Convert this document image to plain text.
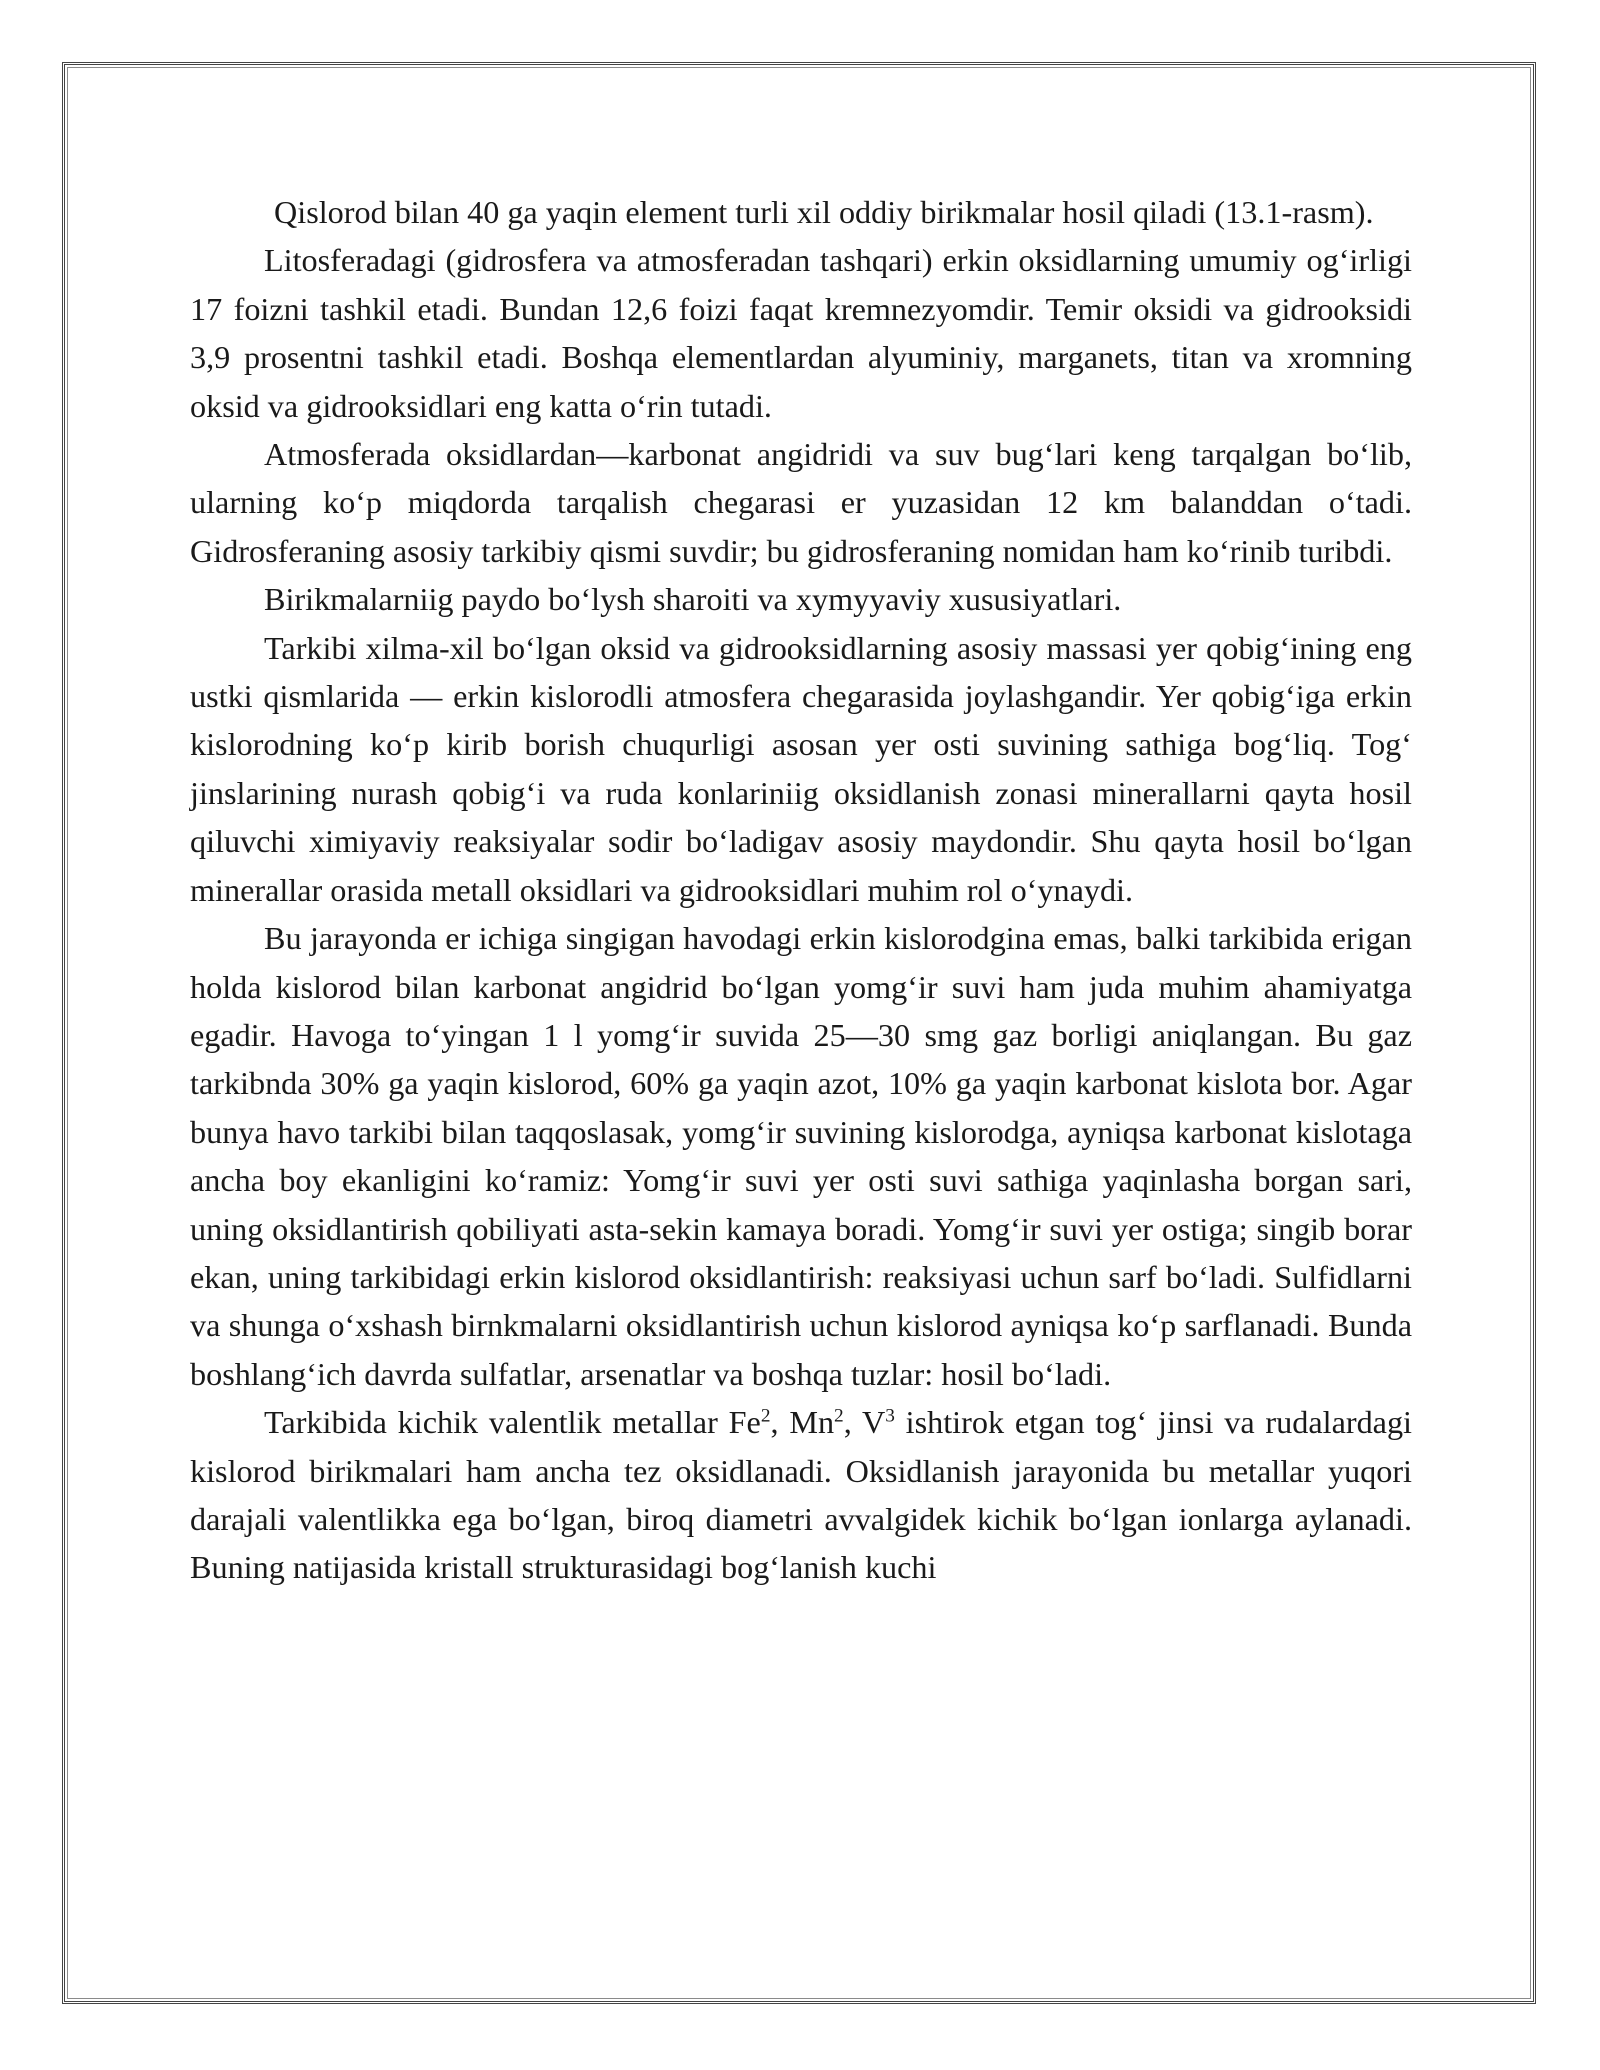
Qislorod bilan 40 ga yaqin element turli xil oddiy birikmalar hosil qiladi (13.1-rasm).

Litosferadagi (gidrosfera va atmosferadan tashqari) erkin oksidlarning umumiy og‘irligi 17 foizni tashkil etadi. Bundan 12,6 foizi faqat kremnezyomdir. Temir oksidi va gidrooksidi 3,9 prosentni tashkil etadi. Boshqa elementlardan alyuminiy, marganets, titan va xromning oksid va gidrooksidlari eng katta o‘rin tutadi.

Atmosferada oksidlardan—karbonat angidridi va suv bug‘lari keng tarqalgan bo‘lib, ularning ko‘p miqdorda tarqalish chegarasi er yuzasidan 12 km balanddan o‘tadi. Gidrosferaning asosiy tarkibiy qismi suvdir; bu gidrosferaning nomidan ham ko‘rinib turibdi.

Birikmalarniig paydo bo‘lysh sharoiti va xymyyaviy xususiyatlari.

Tarkibi xilma-xil bo‘lgan oksid va gidrooksidlarning asosiy massasi yer qobig‘ining eng ustki qismlarida — erkin kislorodli atmosfera chegarasida joylashgandir. Yer qobig‘iga erkin kislorodning ko‘p kirib borish chuqurligi asosan yer osti suvining sathiga bog‘liq. Tog‘ jinslarining nurash qobig‘i va ruda konlariniig oksidlanish zonasi minerallarni qayta hosil qiluvchi ximiyaviy reaksiyalar sodir bo‘ladigav asosiy maydondir. Shu qayta hosil bo‘lgan minerallar orasida metall oksidlari va gidrooksidlari muhim rol o‘ynaydi.

Bu jarayonda er ichiga singigan havodagi erkin kislorodgina emas, balki tarkibida erigan holda kislorod bilan karbonat angidrid bo‘lgan yomg‘ir suvi ham juda muhim ahamiyatga egadir. Havoga to‘yingan 1 l yomg‘ir suvida 25—30 smg gaz borligi aniqlangan. Bu gaz tarkibnda 30% ga yaqin kislorod, 60% ga yaqin azot, 10% ga yaqin karbonat kislota bor. Agar bunya havo tarkibi bilan taqqoslasak, yomg‘ir suvining kislorodga, ayniqsa karbonat kislotaga ancha boy ekanligini ko‘ramiz: Yomg‘ir suvi yer osti suvi sathiga yaqinlasha borgan sari, uning oksidlantirish qobiliyati asta-sekin kamaya boradi. Yomg‘ir suvi yer ostiga; singib borar ekan, uning tarkibidagi erkin kislorod oksidlantirish: reaksiyasi uchun sarf bo‘ladi. Sulfidlarni va shunga o‘xshash birnkmalarni oksidlantirish uchun kislorod ayniqsa ko‘p sarflanadi. Bunda boshlang‘ich davrda sulfatlar, arsenatlar va boshqa tuzlar: hosil bo‘ladi.

Tarkibida kichik valentlik metallar Fe$^2$, Mn$^2$, $V^3$ ishtirok etgan tog‘ jinsi va rudalardagi kislorod birikmalari ham ancha tez oksidlanadi. Oksidlanish jarayonida bu metallar yuqori darajali valentlikka ega bo‘lgan, biroq diametri avvalgidek kichik bo‘lgan ionlarga aylanadi. Buning natijasida kristall strukturasidagi bog‘lanish kuchi
